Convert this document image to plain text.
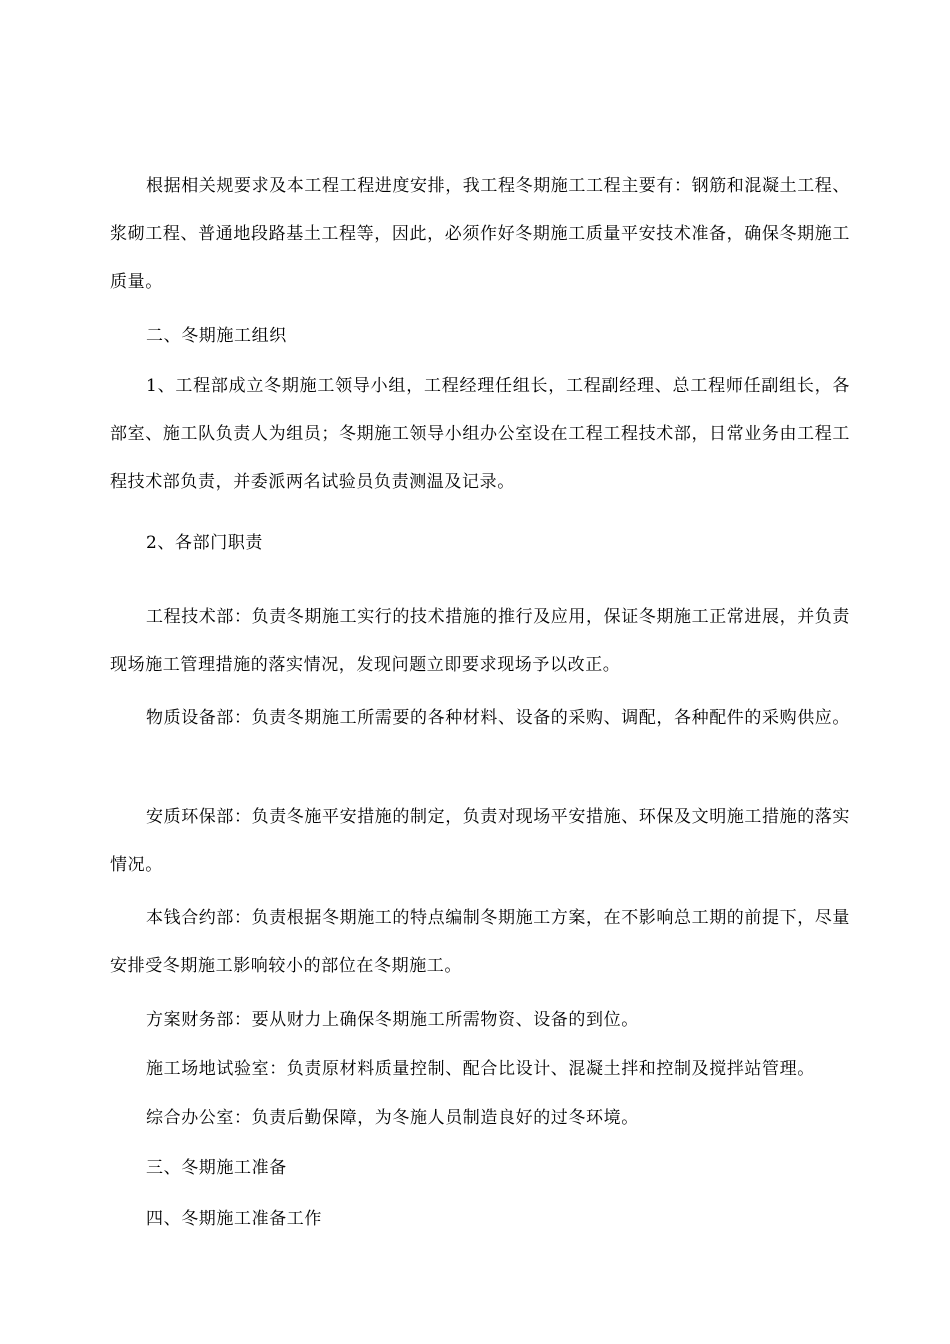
根据相关规要求及本工程工程进度安排，我工程冬期施工工程主要有：钢筋和混凝土工程、浆砌工程、普通地段路基土工程等，因此，必须作好冬期施工质量平安技术准备，确保冬期施工质量。

二、冬期施工组织

1、工程部成立冬期施工领导小组，工程经理任组长，工程副经理、总工程师任副组长，各部室、施工队负责人为组员；冬期施工领导小组办公室设在工程工程技术部，日常业务由工程工程技术部负责，并委派两名试验员负责测温及记录。

2、各部门职责

工程技术部：负责冬期施工实行的技术措施的推行及应用，保证冬期施工正常进展，并负责现场施工管理措施的落实情况，发现问题立即要求现场予以改正。

物质设备部：负责冬期施工所需要的各种材料、设备的采购、调配，各种配件的采购供应。

安质环保部：负责冬施平安措施的制定，负责对现场平安措施、环保及文明施工措施的落实情况。

本钱合约部：负责根据冬期施工的特点编制冬期施工方案，在不影响总工期的前提下，尽量安排受冬期施工影响较小的部位在冬期施工。

方案财务部：要从财力上确保冬期施工所需物资、设备的到位。

施工场地试验室：负责原材料质量控制、配合比设计、混凝土拌和控制及搅拌站管理。

综合办公室：负责后勤保障，为冬施人员制造良好的过冬环境。

三、冬期施工准备

四、冬期施工准备工作
